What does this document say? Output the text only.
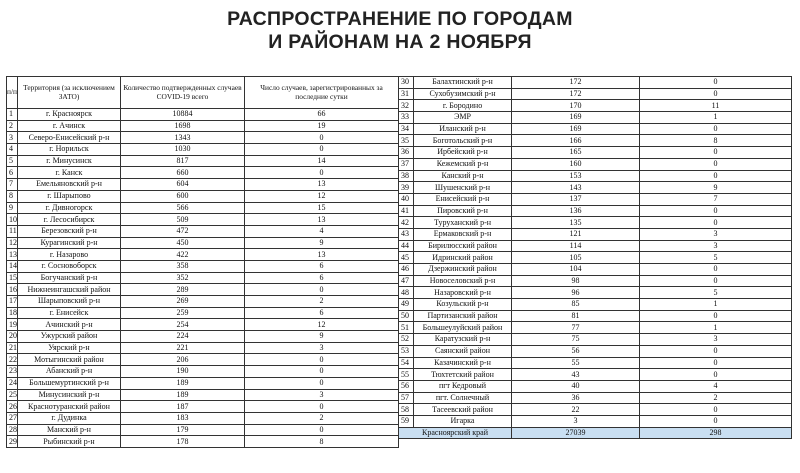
РАСПРОСТРАНЕНИЕ ПО ГОРОДАМ
И РАЙОНАМ НА 2 НОЯБРЯ
п/п	Территория (за исключением ЗАТО)	Количество подтвержденных случаев COVID-19 всего	Число случаев, зарегистрированных за последние сутки
1	г. Красноярск	10884	66
2	г. Ачинск	1698	19
3	Северо-Енисейский р-н	1343	0
4	г. Норильск	1030	0
5	г. Минусинск	817	14
6	г. Канск	660	0
7	Емельяновский р-н	604	13
8	г. Шарыпово	600	12
9	г. Дивногорск	566	15
10	г. Лесосибирск	509	13
11	Березовский р-н	472	4
12	Курагинский р-н	450	9
13	г. Назарово	422	13
14	г. Сосновоборск	358	6
15	Богучанский р-н	352	6
16	Нижнеингашский район	289	0
17	Шарыповский р-н	269	2
18	г. Енисейск	259	6
19	Ачинский р-н	254	12
20	Ужурский район	224	9
21	Уярский р-н	221	3
22	Мотыгинский район	206	0
23	Абанский р-н	190	0
24	Большемуртинский р-н	189	0
25	Минусинский р-н	189	3
26	Краснотуранский район	187	0
27	г. Дудинка	183	2
28	Манский р-н	179	0
29	Рыбинский р-н	178	8
30	Балахтинский р-н	172	0
31	Сухобузимский р-н	172	0
32	г. Бородино	170	11
33	ЭМР	169	1
34	Иланский р-н	169	0
35	Боготольский р-н	166	8
36	Ирбейский р-н	165	0
37	Кежемский р-н	160	0
38	Канский р-н	153	0
39	Шушенский р-н	143	9
40	Енисейский р-н	137	7
41	Пировский р-н	136	0
42	Туруханский р-н	135	0
43	Ермаковский р-н	121	3
44	Бирилюсский район	114	3
45	Идринский район	105	5
46	Дзержинский район	104	0
47	Новоселовский р-н	98	0
48	Назаровский р-н	96	5
49	Козульский р-н	85	1
50	Партизанский район	81	0
51	Большеулуйский район	77	1
52	Каратузский р-н	75	3
53	Саянский район	56	0
54	Казачинский р-н	55	0
55	Тюхтетский район	43	0
56	пгт Кедровый	40	4
57	пгт. Солнечный	36	2
58	Тасеевский район	22	0
59	Игарка	3	0
Красноярский край		27039	298
